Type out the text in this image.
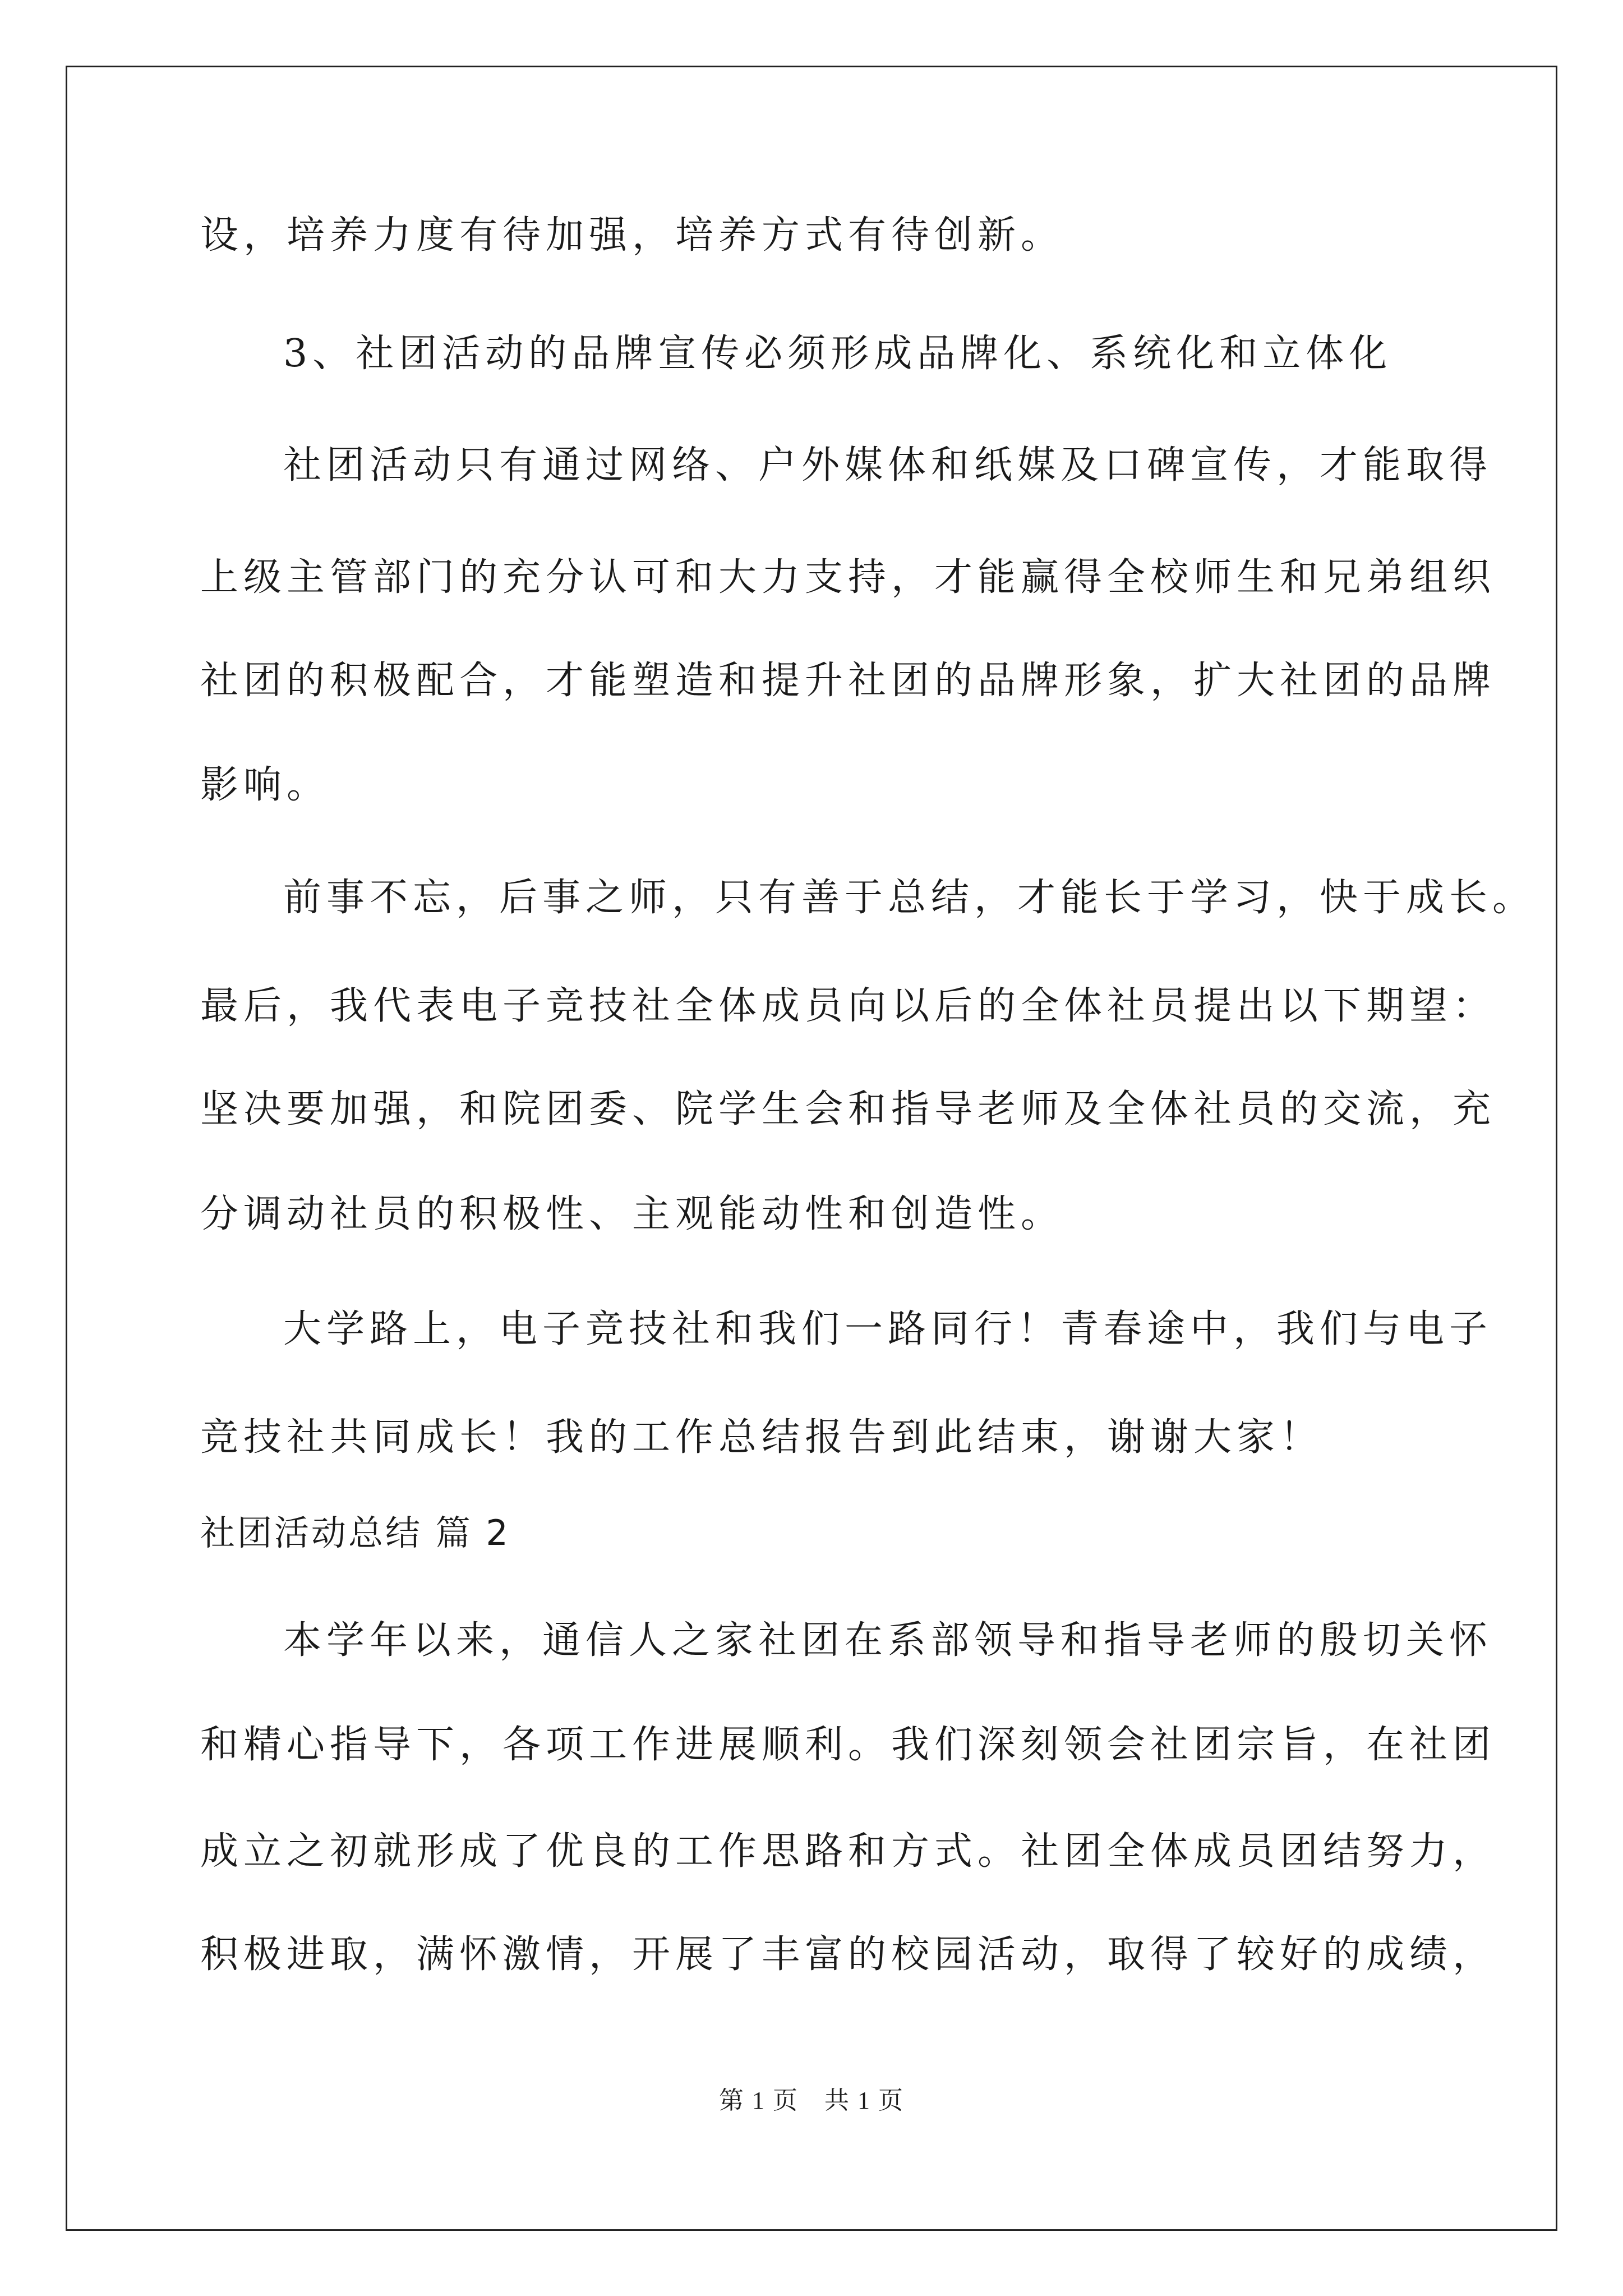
设，培养力度有待加强，培养方式有待创新。
3、社团活动的品牌宣传必须形成品牌化、系统化和立体化
社团活动只有通过网络、户外媒体和纸媒及口碑宣传，才能取得
上级主管部门的充分认可和大力支持，才能赢得全校师生和兄弟组织
社团的积极配合，才能塑造和提升社团的品牌形象，扩大社团的品牌
影响。
前事不忘，后事之师，只有善于总结，才能长于学习，快于成长。
最后，我代表电子竞技社全体成员向以后的全体社员提出以下期望：
坚决要加强，和院团委、院学生会和指导老师及全体社员的交流，充
分调动社员的积极性、主观能动性和创造性。
大学路上，电子竞技社和我们一路同行！青春途中，我们与电子
竞技社共同成长！我的工作总结报告到此结束，谢谢大家！
社团活动总结 篇 2
本学年以来，通信人之家社团在系部领导和指导老师的殷切关怀
和精心指导下，各项工作进展顺利。我们深刻领会社团宗旨，在社团
成立之初就形成了优良的工作思路和方式。社团全体成员团结努力，
积极进取，满怀激情，开展了丰富的校园活动，取得了较好的成绩，
第 1 页　共 1 页
